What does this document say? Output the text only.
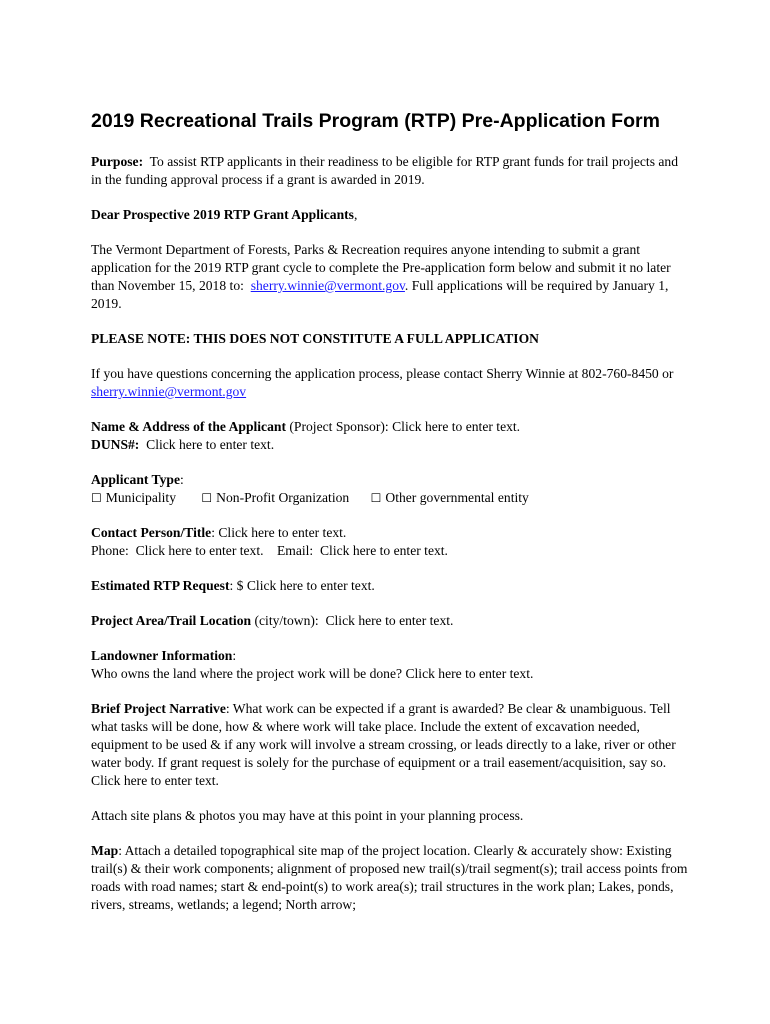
2019 Recreational Trails Program (RTP) Pre-Application Form

Purpose: To assist RTP applicants in their readiness to be eligible for RTP grant funds for trail projects and in the funding approval process if a grant is awarded in 2019.

Dear Prospective 2019 RTP Grant Applicants,

The Vermont Department of Forests, Parks & Recreation requires anyone intending to submit a grant application for the 2019 RTP grant cycle to complete the Pre-application form below and submit it no later than November 15, 2018 to: sherry.winnie@vermont.gov. Full applications will be required by January 1, 2019.

PLEASE NOTE: THIS DOES NOT CONSTITUTE A FULL APPLICATION

If you have questions concerning the application process, please contact Sherry Winnie at 802-760-8450 or sherry.winnie@vermont.gov

Name & Address of the Applicant (Project Sponsor): Click here to enter text.
DUNS#: Click here to enter text.

Applicant Type:
☐ Municipality ☐ Non-Profit Organization ☐ Other governmental entity

Contact Person/Title: Click here to enter text.
Phone: Click here to enter text. Email: Click here to enter text.

Estimated RTP Request: $ Click here to enter text.

Project Area/Trail Location (city/town): Click here to enter text.

Landowner Information:
Who owns the land where the project work will be done? Click here to enter text.

Brief Project Narrative: What work can be expected if a grant is awarded? Be clear & unambiguous. Tell what tasks will be done, how & where work will take place. Include the extent of excavation needed, equipment to be used & if any work will involve a stream crossing, or leads directly to a lake, river or other water body. If grant request is solely for the purchase of equipment or a trail easement/acquisition, say so. Click here to enter text.

Attach site plans & photos you may have at this point in your planning process.

Map: Attach a detailed topographical site map of the project location. Clearly & accurately show: Existing trail(s) & their work components; alignment of proposed new trail(s)/trail segment(s); trail access points from roads with road names; start & end-point(s) to work area(s); trail structures in the work plan; Lakes, ponds, rivers, streams, wetlands; a legend; North arrow;
